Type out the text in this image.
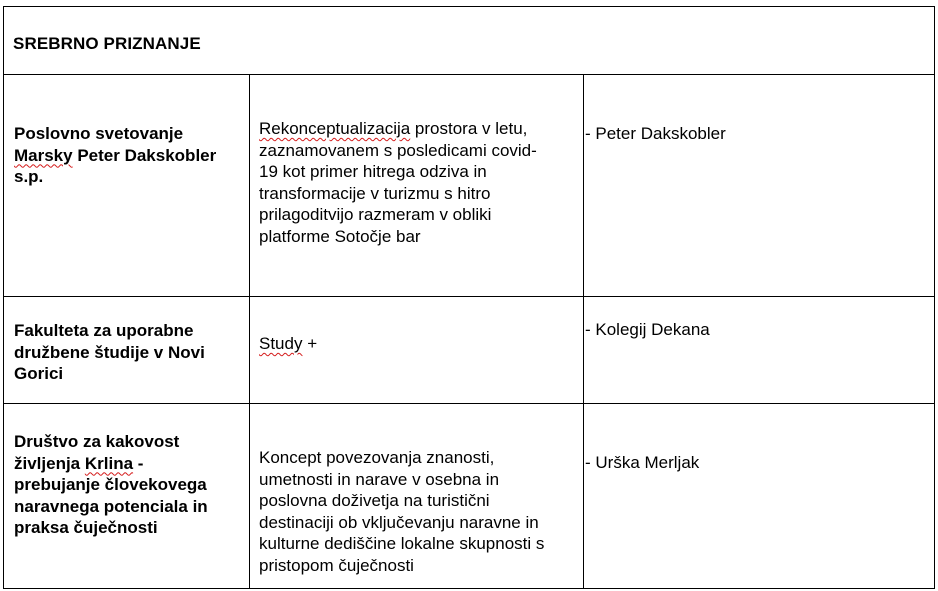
SREBRNO PRIZNANJE
Poslovno svetovanje
Marsky Peter Dakskobler
s.p.
Rekonceptualizacija prostora v letu,
zaznamovanem s posledicami covid-
19 kot primer hitrega odziva in
transformacije v turizmu s hitro
prilagoditvijo razmeram v obliki
platforme Sotočje bar
- Peter Dakskobler
Fakulteta za uporabne
družbene študije v Novi
Gorici
Study +
- Kolegij Dekana
Društvo za kakovost
življenja Krlina -
prebujanje človekovega
naravnega potenciala in
praksa čuječnosti
Koncept povezovanja znanosti,
umetnosti in narave v osebna in
poslovna doživetja na turistični
destinaciji ob vključevanju naravne in
kulturne dediščine lokalne skupnosti s
pristopom čuječnosti
- Urška Merljak
